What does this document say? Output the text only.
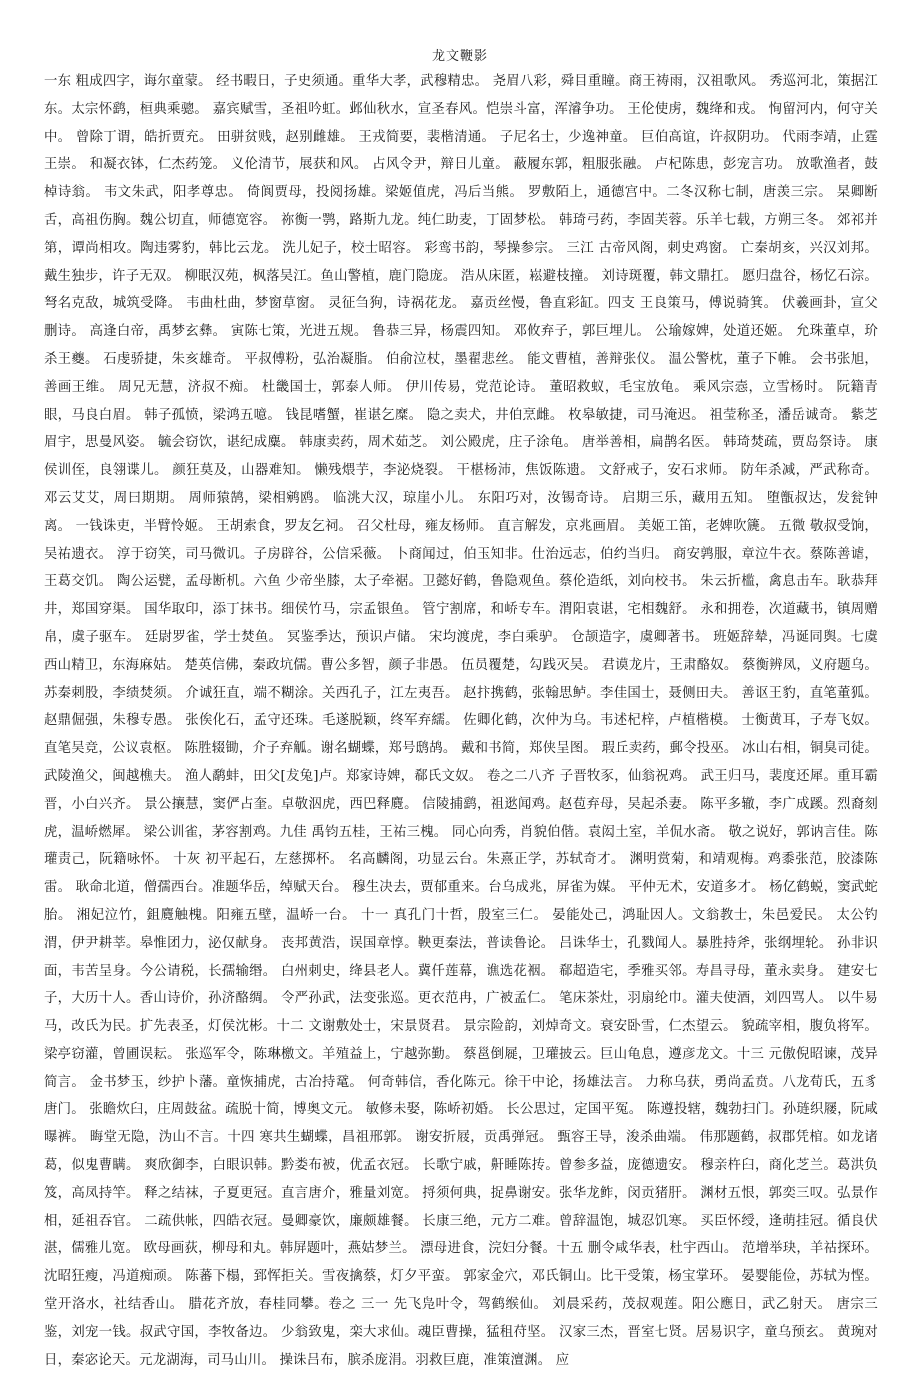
龙文鞭影
一东 粗成四字，诲尔童蒙。 经书暇日，子史须通。重华大孝，武穆精忠。 尧眉八彩，舜目重瞳。商王祷雨，汉祖歌风。 秀巡河北，策据江东。太宗怀鹞，桓典乘骢。 嘉宾赋雪，圣祖吟虹。邺仙秋水，宣圣春风。恺崇斗富，浑濬争功。 王伦使虏，魏绛和戎。 恂留河内，何守关中。 曾除丁谓，皓折贾充。 田骈贫贱，赵别雌雄。 王戎简要，裴楷清通。 子尼名士，少逸神童。 巨伯高谊，许叔阴功。 代雨李靖，止霆王崇。 和凝衣钵，仁杰药笼。 义伦清节，展获和风。 占风令尹，辩日儿童。 蔽履东郭，粗服张融。 卢杞陈患，彭宠言功。 放歌渔者，鼓棹诗翁。 韦文朱武，阳孝尊忠。 倚阆贾母，投阅扬雄。梁姬值虎，冯后当熊。 罗敷陌上，通德宫中。二冬汉称七制，唐羡三宗。 杲卿断舌，高祖伤胸。魏公切直，师德宽容。 祢衡一鹗，路斯九龙。纯仁助麦，丁固梦松。 韩琦弓药，李固芙蓉。乐羊七载，方朔三冬。 郊祁并第，谭尚相攻。陶违雾豹，韩比云龙。 洗儿妃子，校士昭容。 彩鸾书韵，琴操参宗。 三江 古帝风阁，刺史鸡窗。 亡秦胡亥，兴汉刘邦。 戴生独步，许子无双。 柳眠汉苑，枫落吴江。鱼山警植，鹿门隐庞。 浩从床匿，崧避枝撞。 刘诗斑覆，韩文鼎扛。 愿归盘谷，杨忆石淙。 弩名克敌，城筑受降。 韦曲杜曲，梦窗草窗。 灵征刍狗，诗祸花龙。 嘉贡丝慢，鲁直彩缸。四支 王良策马，傅说骑箕。 伏羲画卦，宣父删诗。 高逢白帝，禹梦玄彝。 寅陈七策，光进五规。 鲁恭三异，杨震四知。 邓攸弃子，郭巨埋儿。 公瑜嫁婢，处道还姬。 允珠董卓，玠杀王夔。 石虔骄捷，朱亥雄奇。 平叔傅粉，弘治凝脂。 伯俞泣杖，墨翟悲丝。 能文曹植，善辩张仪。 温公警枕，董子下帷。 会书张旭，善画王维。 周兄无慧，济叔不痴。 杜畿国士，郭泰人师。 伊川传易，党范论诗。 董昭救蚁，毛宝放龟。 乘风宗悫，立雪杨时。 阮籍青眼，马良白眉。 韩子孤愤，梁鸿五噫。 钱昆嗜蟹，崔谌乞糜。 隐之卖犬，井伯烹雌。 枚皋敏捷，司马淹迟。 祖莹称圣，潘岳诚奇。 紫芝眉宇，思曼风姿。 毓会窃饮，谌纪成麋。 韩康卖药，周术茹芝。 刘公殿虎，庄子涂龟。 唐举善相，扁鹊名医。 韩琦焚疏，贾岛祭诗。 康侯训侄，良翎谍儿。 颜狂莫及，山器难知。 懒残煨芋，李泌烧裂。 干椹杨沛，焦饭陈遗。 文舒戒子，安石求师。 防年杀减，严武称奇。 邓云艾艾，周曰期期。 周师猿鹄，梁相鹓鸥。 临洮大汉，琼崖小儿。 东阳巧对，汝锡奇诗。 启期三乐，藏用五知。 堕甑叔达，发瓮钟离。 一钱诛吏，半臂怜姬。 王胡索食，罗友乞祠。 召父杜母，雍友杨师。 直言解发，京兆画眉。 美姬工笛，老婢吹篪。 五微 敬叔受饷，吴祐遗衣。 淳于窃笑，司马微讥。子房辟谷，公信采薇。 卜商闻过，伯玉知非。仕治远志，伯约当归。 商安鹑服，章泣牛衣。蔡陈善谑，王葛交饥。 陶公运甓，孟母断机。六鱼 少帝坐膝，太子牵裾。卫懿好鹤，鲁隐观鱼。蔡伦造纸，刘向校书。 朱云折槛，禽息击车。耿恭拜井，郑国穿渠。 国华取印，添丁抹书。细侯竹马，宗孟银鱼。 管宁割席，和峤专车。渭阳袁谌，宅相魏舒。 永和拥卷，次道藏书，镇周赠帛，虞子驱车。 廷尉罗雀，学士焚鱼。 冥鉴季达，预识卢储。 宋均渡虎，李白乘驴。 仓颉造字，虞卿著书。 班姬辞辇，冯诞同舆。七虞 西山精卫，东海麻姑。 楚英信佛，秦政坑儒。曹公多智，颜子非愚。 伍员覆楚，勾践灭吴。 君谟龙片，王肃酪奴。 蔡衡辨凤，义府题乌。苏秦刺股，李绩焚须。 介诚狂直，端不糊涂。关西孔子，江左夷吾。 赵抃携鹤，张翰思鲈。李佳国士，聂侧田夫。 善讴王豹，直笔董狐。赵鼎倔强，朱穆专愚。 张俟化石，孟守还珠。毛遂脱颖，终军弃繻。 佐卿化鹤，次仲为乌。韦述杞梓，卢植楷模。 士衡黄耳，子寿飞奴。直笔吴竞，公议袁枢。 陈胜辍锄，介子弃觚。谢名蝴蝶，郑号鸱鸪。 戴和书简，郑侠呈图。 瑕丘卖药，郵令投巫。 冰山右相，铜臭司徒。武陵渔父，闽越樵夫。 渔人鹬蚌，田父[犮兔]卢。郑家诗婢，郗氏文奴。 卷之二八齐 子晋牧豕，仙翁祝鸡。 武王归马，裴度还犀。重耳霸晋，小白兴齐。 景公攘慧，窦俨占奎。卓敬泅虎，西巴释麑。 信陵捕鹞，祖逖闻鸡。赵苞弃母，吴起杀妻。 陈平多辙，李广成蹊。烈裔刻虎，温峤燃犀。 梁公训雀，茅容割鸡。九佳 禹钧五桂，王祐三槐。 同心向秀，肖貌伯偕。袁闳土室，羊侃水斋。 敬之说好，郭讷言佳。陈瓘责己，阮籍咏怀。 十灰 初平起石，左慈掷杯。 名高麟阁，功显云台。朱熹正学，苏轼奇才。 渊明赏菊，和靖观梅。鸡黍张范，胶漆陈雷。 耿命北道，僧孺西台。准题华岳，绰赋天台。 穆生决去，贾郁重来。台乌成兆，屏雀为媒。 平仲无术，安道多才。 杨亿鹤蜕，窦武蛇胎。 湘妃泣竹，鉏麑触槐。阳雍五壁，温峤一台。 十一 真孔门十哲，殷室三仁。 晏能处己，鸿耻因人。文翁教士，朱邑爱民。 太公钓渭，伊尹耕莘。皋惟团力，泌仅献身。 丧邦黄浩，误国章惇。鞅更秦法，普读鲁论。 吕诛华士，孔戮闻人。暴胜持斧，张纲埋轮。 孙非识面，韦苦呈身。今公请税，长孺输缗。 白州刺史，绛县老人。冀仟莲幕，谯选花裀。 郗超造宅，季雅买邻。寿昌寻母，董永卖身。 建安七子，大历十人。香山诗价，孙济酪绸。 令严孙武，法变张巡。更衣范冉，广被孟仁。 笔床茶灶，羽扇纶巾。灌夫使酒，刘四骂人。 以牛易马，改氏为民。扩先表圣，灯侯沈彬。十二 文谢敷处士，宋景贤君。 景宗险韵，刘焯奇文。衰安卧雪，仁杰望云。 貌疏宰相，腹负将军。梁亭窃灌，曾圃误耘。 张巡军令，陈琳檄文。羊殖益上，宁越弥勤。 蔡邕倒屣，卫瓘披云。巨山龟息，遵彦龙文。十三 元傲倪昭谏，茂异简言。 金书梦玉，纱护卜藩。童恢捕虎，古冶持鼋。 何奇韩信，香化陈元。徐干中论，扬雄法言。 力称乌获，勇尚孟贲。八龙荀氏，五豸唐门。 张瞻炊臼，庄周鼓盆。疏脱十简，博奥文元。 敏修未娶，陈峤初婚。 长公思过，定国平冤。 陈遵投辖，魏勃扫门。孙琏织屦，阮咸曝裤。 晦堂无隐，沩山不言。十四 寒共生蝴蝶，昌祖邢郭。 谢安折屐，贡禹弹冠。 甄容王导，浚杀曲端。 伟那题鹤，叔郡凭棺。如龙诸葛，似鬼曹瞒。 爽欣御李，白眼识韩。黔娄布被，优孟衣冠。 长歌宁戚，鼾睡陈抟。曾参多益，庞德遗安。 穆亲杵臼，商化芝兰。葛洪负笈，高凤持竿。 释之结袜，子夏更冠。直言唐介，雅量刘宽。 捋须何典，捉鼻谢安。张华龙鲊，闵贡猪肝。 渊材五恨，郭奕三叹。弘景作相，延祖吞官。 二疏供帐，四皓衣冠。曼卿豪饮，廉颇雄餐。 长康三绝，元方二难。曾辞温饱，城忍饥寒。 买臣怀绶，逢萌挂冠。循良伏湛，儒雅儿宽。 欧母画荻，柳母和丸。韩屏题叶，燕姑梦兰。 漂母进食，浣妇分餐。十五 删令咸华表，杜宇西山。 范增举玦，羊祜探环。沈昭狂瘦，冯道痴顽。 陈蕃下榻，郅恽拒关。雪夜擒蔡，灯夕平蛮。 郭家金穴，邓氏铜山。比干受策，杨宝掌环。 晏婴能俭，苏轼为悭。堂开洛水，社结香山。 腊花齐放，春桂同攀。卷之 三一 先飞凫叶令，驾鹤缑仙。 刘晨采药，茂叔观莲。阳公應日，武乙射天。 唐宗三鉴，刘宠一钱。叔武守国，李牧备边。 少翁致鬼，栾大求仙。魂臣曹操，猛租苻坚。 汉家三杰，晋室七贤。居易识字，童乌预玄。 黄琬对日，秦宓论天。元龙湖海，司马山川。 操诛吕布，膑杀庞涓。羽救巨鹿，准策澶渊。 应
